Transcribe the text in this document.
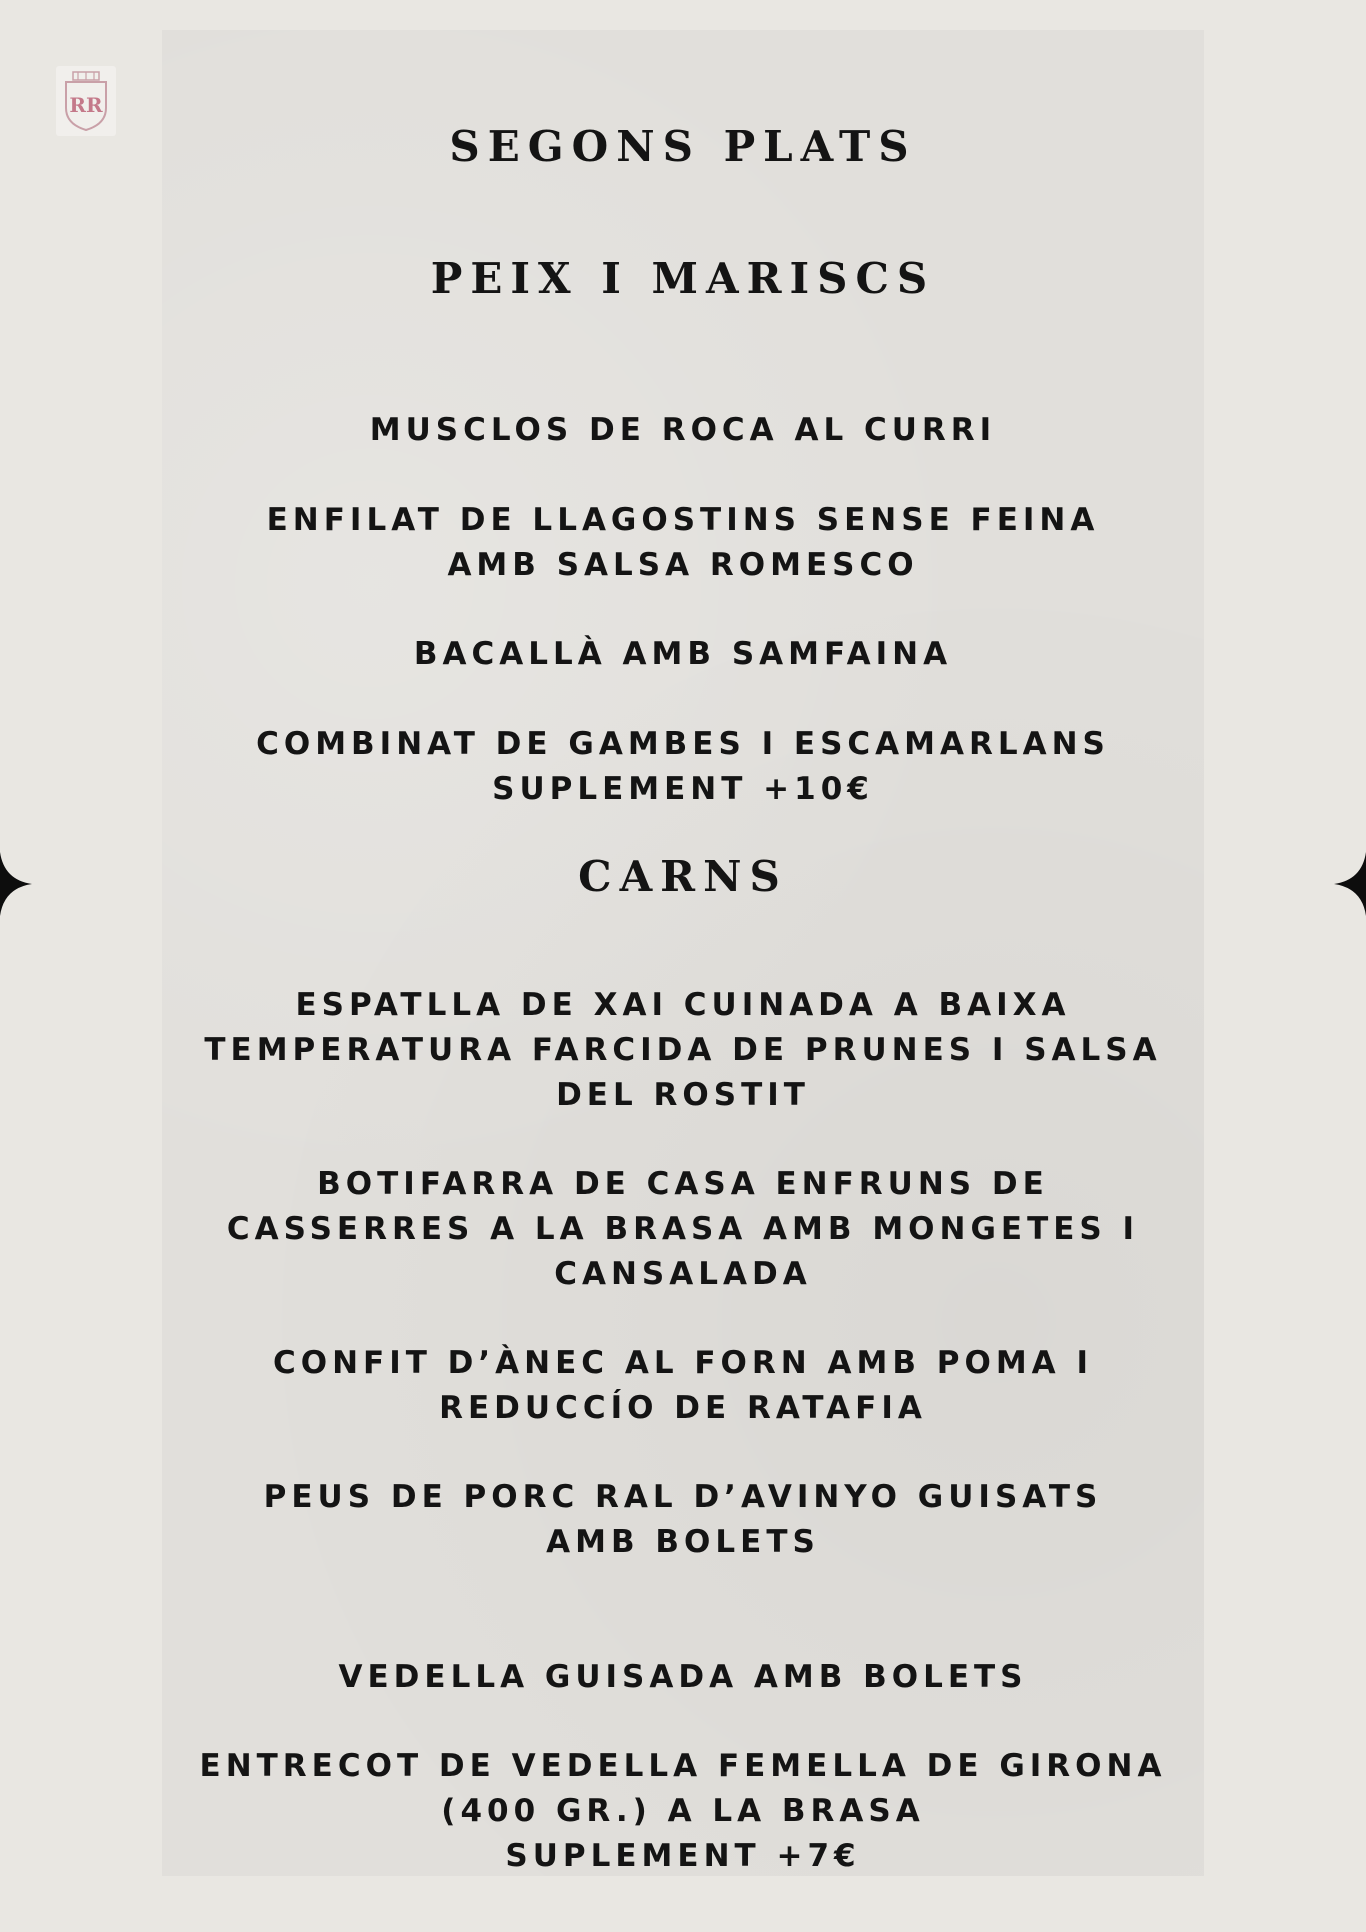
RR
SEGONS PLATS
PEIX I MARISCS
MUSCLOS DE ROCA AL CURRI
ENFILAT DE LLAGOSTINS SENSE FEINA
AMB SALSA ROMESCO
BACALLÀ AMB SAMFAINA
COMBINAT DE GAMBES I ESCAMARLANS
SUPLEMENT +10€
CARNS
ESPATLLA DE XAI CUINADA A BAIXA
TEMPERATURA FARCIDA DE PRUNES I SALSA
DEL ROSTIT
BOTIFARRA DE CASA ENFRUNS DE
CASSERRES A LA BRASA AMB MONGETES I
CANSALADA
CONFIT D’ÀNEC AL FORN AMB POMA I
REDUCCÍO DE RATAFIA
PEUS DE PORC RAL D’AVINYO GUISATS
AMB BOLETS
VEDELLA GUISADA AMB BOLETS
ENTRECOT DE VEDELLA FEMELLA DE GIRONA
(400 GR.) A LA BRASA
SUPLEMENT +7€
